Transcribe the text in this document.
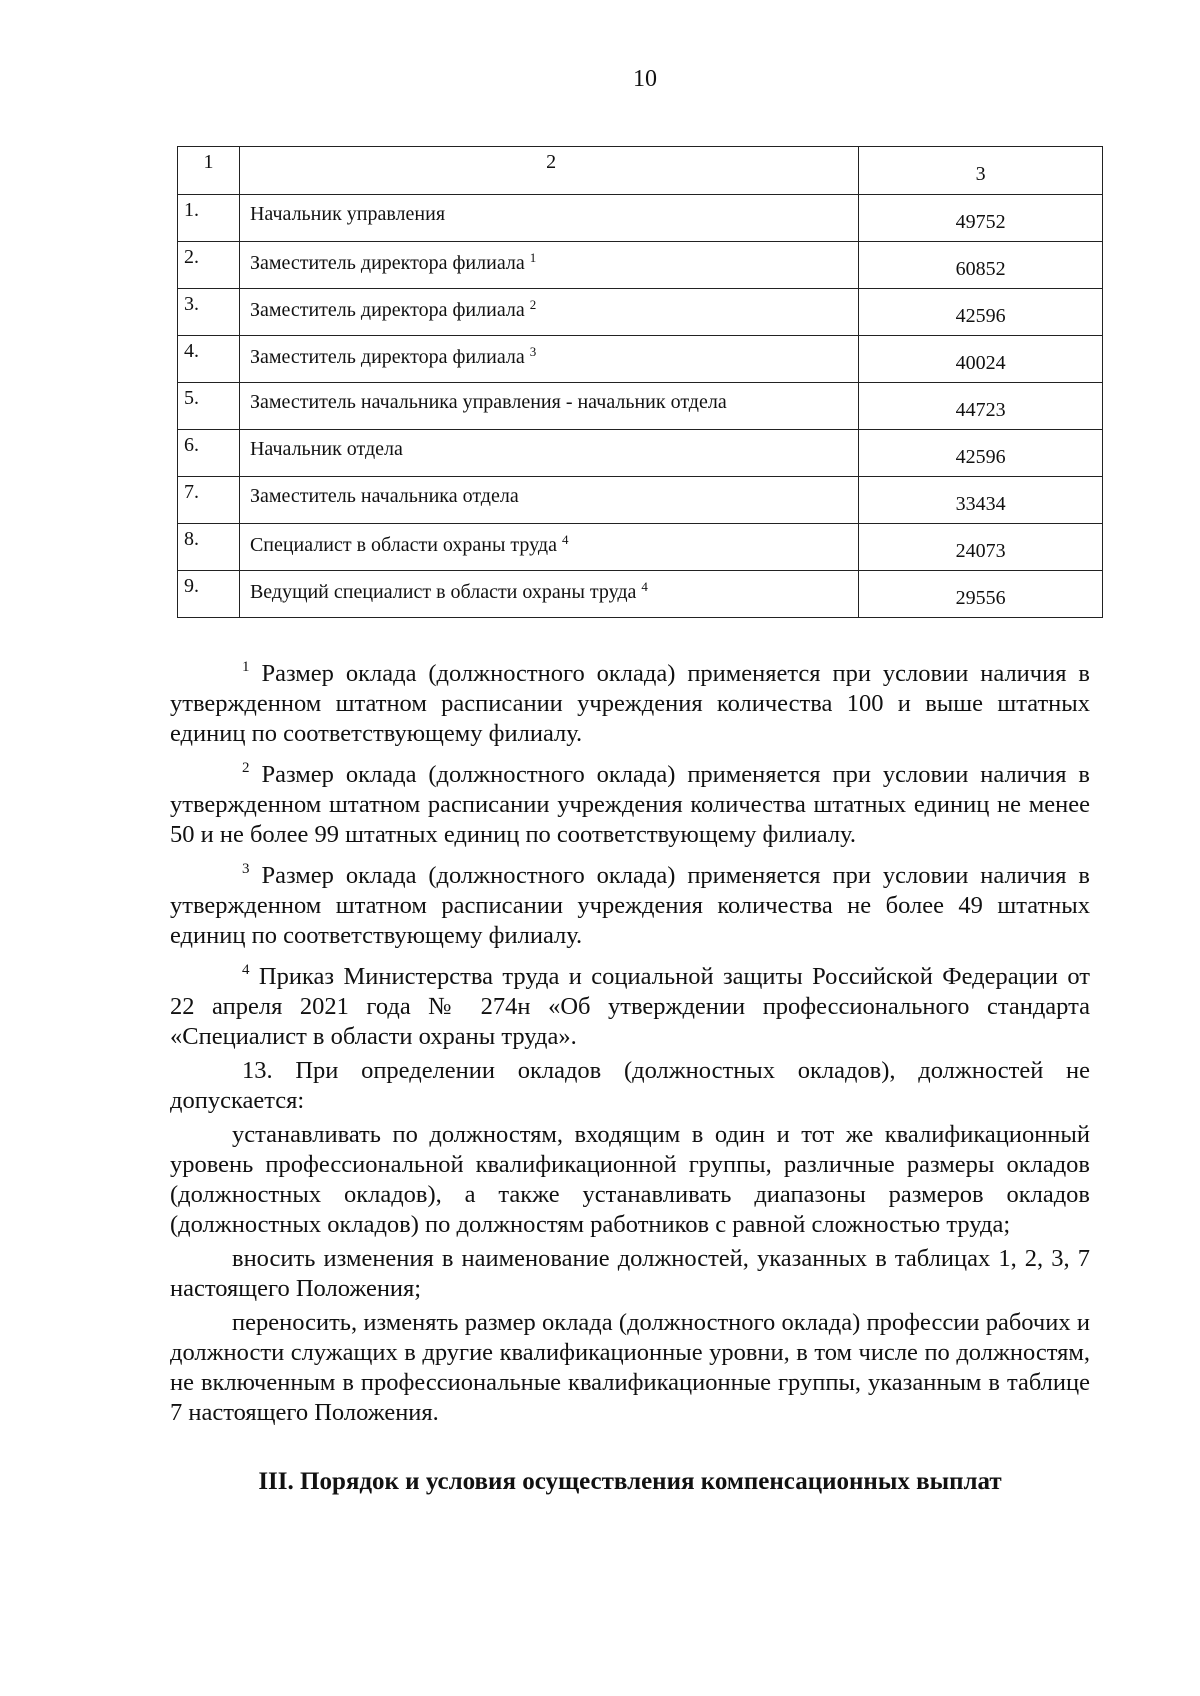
10
1	2	3
1.	Начальник управления	49752
2.	Заместитель директора филиала $^1$	60852
3.	Заместитель директора филиала $^2$	42596
4.	Заместитель директора филиала $^3$	40024
5.	Заместитель начальника управления - начальник отдела	44723
6.	Начальник отдела	42596
7.	Заместитель начальника отдела	33434
8.	Специалист в области охраны труда $^4$	24073
9.	Ведущий специалист в области охраны труда $^4$	29556

$^1$ Размер оклада (должностного оклада) применяется при условии наличия в утвержденном штатном расписании учреждения количества 100 и выше штатных единиц по соответствующему филиалу.

$^2$ Размер оклада (должностного оклада) применяется при условии наличия в утвержденном штатном расписании учреждения количества штатных единиц не менее 50 и не более 99 штатных единиц по соответствующему филиалу.

$^3$ Размер оклада (должностного оклада) применяется при условии наличия в утвержденном штатном расписании учреждения количества не более 49 штатных единиц по соответствующему филиалу.

$^4$ Приказ Министерства труда и социальной защиты Российской Федерации от 22 апреля 2021 года № 274н «Об утверждении профессионального стандарта «Специалист в области охраны труда».

13. При определении окладов (должностных окладов), должностей не допускается:

устанавливать по должностям, входящим в один и тот же квалификационный уровень профессиональной квалификационной группы, различные размеры окладов (должностных окладов), а также устанавливать диапазоны размеров окладов (должностных окладов) по должностям работников с равной сложностью труда;

вносить изменения в наименование должностей, указанных в таблицах 1, 2, 3, 7 настоящего Положения;

переносить, изменять размер оклада (должностного оклада) профессии рабочих и должности служащих в другие квалификационные уровни, в том числе по должностям, не включенным в профессиональные квалификационные группы, указанным в таблице 7 настоящего Положения.

III. Порядок и условия осуществления компенсационных выплат
